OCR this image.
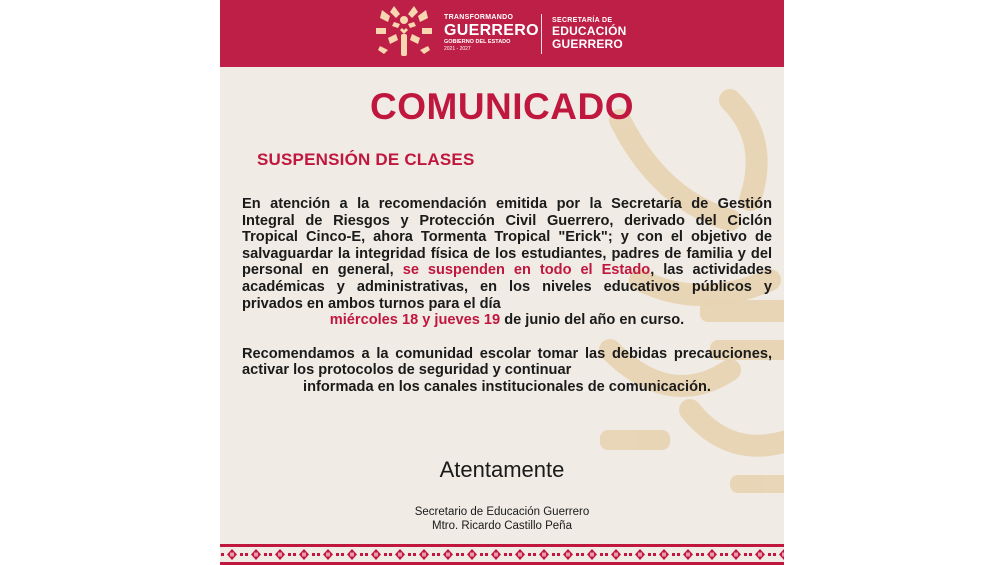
TRANSFORMANDO
GUERRERO
GOBIERNO DEL ESTADO
2021 - 2027
SECRETARÍA DE
EDUCACIÓN
GUERRERO
COMUNICADO
SUSPENSIÓN DE CLASES

En atención a la recomendación emitida por la Secretaría de Gestión Integral de Riesgos y Protección Civil Guerrero, derivado del Ciclón Tropical Cinco-E, ahora Tormenta Tropical "Erick"; y con el objetivo de salvaguardar la integridad física de los estudiantes, padres de familia y del personal en general, se suspenden en todo el Estado, las actividades académicas y administrativas, en los niveles educativos públicos y privados en ambos turnos para el día

miércoles 18 y jueves 19 de junio del año en curso.

Recomendamos a la comunidad escolar tomar las debidas precauciones, activar los protocolos de seguridad y continuar

informada en los canales institucionales de comunicación.

Atentamente
Secretario de Educación Guerrero
Mtro. Ricardo Castillo Peña
